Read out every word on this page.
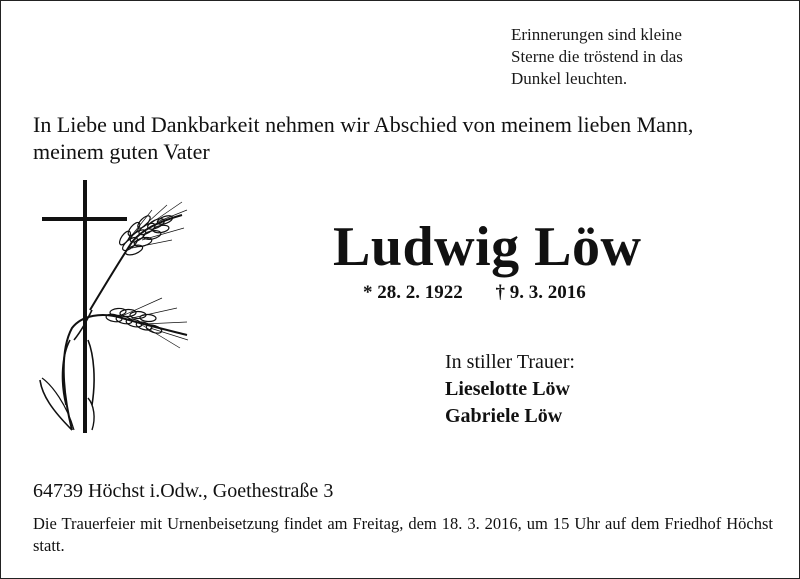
Erinnerungen sind kleine
Sterne die tröstend in das
Dunkel leuchten.
In Liebe und Dankbarkeit nehmen wir Abschied von meinem lieben Mann,
meinem guten Vater
Ludwig Löw
* 28. 2. 1922 † 9. 3. 2016
In stiller Trauer:
Lieselotte Löw
Gabriele Löw
64739 Höchst i.Odw., Goethestraße 3
Die Trauerfeier mit Urnenbeisetzung findet am Freitag, dem 18. 3. 2016, um 15 Uhr auf dem Friedhof Höchst statt.
